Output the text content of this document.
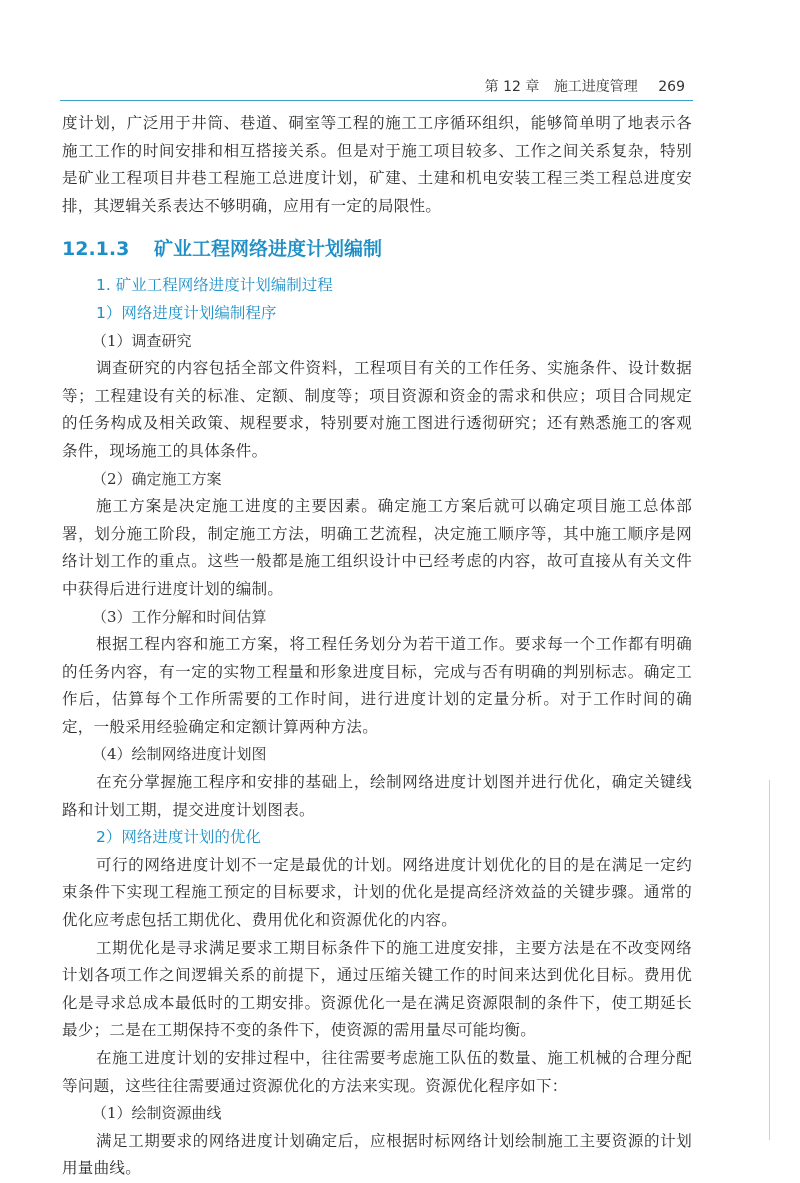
第 12 章 施工进度管理 269

度计划，广泛用于井筒、巷道、硐室等工程的施工工序循环组织，能够简单明了地表示各施工工作的时间安排和相互搭接关系。但是对于施工项目较多、工作之间关系复杂，特别是矿业工程项目井巷工程施工总进度计划，矿建、土建和机电安装工程三类工程总进度安排，其逻辑关系表达不够明确，应用有一定的局限性。

12.1.3 矿业工程网络进度计划编制
1. 矿业工程网络进度计划编制过程
1）网络进度计划编制程序
（1）调查研究

调查研究的内容包括全部文件资料，工程项目有关的工作任务、实施条件、设计数据等；工程建设有关的标准、定额、制度等；项目资源和资金的需求和供应；项目合同规定的任务构成及相关政策、规程要求，特别要对施工图进行透彻研究；还有熟悉施工的客观条件，现场施工的具体条件。

（2）确定施工方案

施工方案是决定施工进度的主要因素。确定施工方案后就可以确定项目施工总体部署，划分施工阶段，制定施工方法，明确工艺流程，决定施工顺序等，其中施工顺序是网络计划工作的重点。这些一般都是施工组织设计中已经考虑的内容，故可直接从有关文件中获得后进行进度计划的编制。

（3）工作分解和时间估算

根据工程内容和施工方案，将工程任务划分为若干道工作。要求每一个工作都有明确的任务内容，有一定的实物工程量和形象进度目标，完成与否有明确的判别标志。确定工作后，估算每个工作所需要的工作时间，进行进度计划的定量分析。对于工作时间的确定，一般采用经验确定和定额计算两种方法。

（4）绘制网络进度计划图

在充分掌握施工程序和安排的基础上，绘制网络进度计划图并进行优化，确定关键线路和计划工期，提交进度计划图表。

2）网络进度计划的优化

可行的网络进度计划不一定是最优的计划。网络进度计划优化的目的是在满足一定约束条件下实现工程施工预定的目标要求，计划的优化是提高经济效益的关键步骤。通常的优化应考虑包括工期优化、费用优化和资源优化的内容。

工期优化是寻求满足要求工期目标条件下的施工进度安排，主要方法是在不改变网络计划各项工作之间逻辑关系的前提下，通过压缩关键工作的时间来达到优化目标。费用优化是寻求总成本最低时的工期安排。资源优化一是在满足资源限制的条件下，使工期延长最少；二是在工期保持不变的条件下，使资源的需用量尽可能均衡。

在施工进度计划的安排过程中，往往需要考虑施工队伍的数量、施工机械的合理分配等问题，这些往往需要通过资源优化的方法来实现。资源优化程序如下：

（1）绘制资源曲线

满足工期要求的网络进度计划确定后，应根据时标网络计划绘制施工主要资源的计划用量曲线。
